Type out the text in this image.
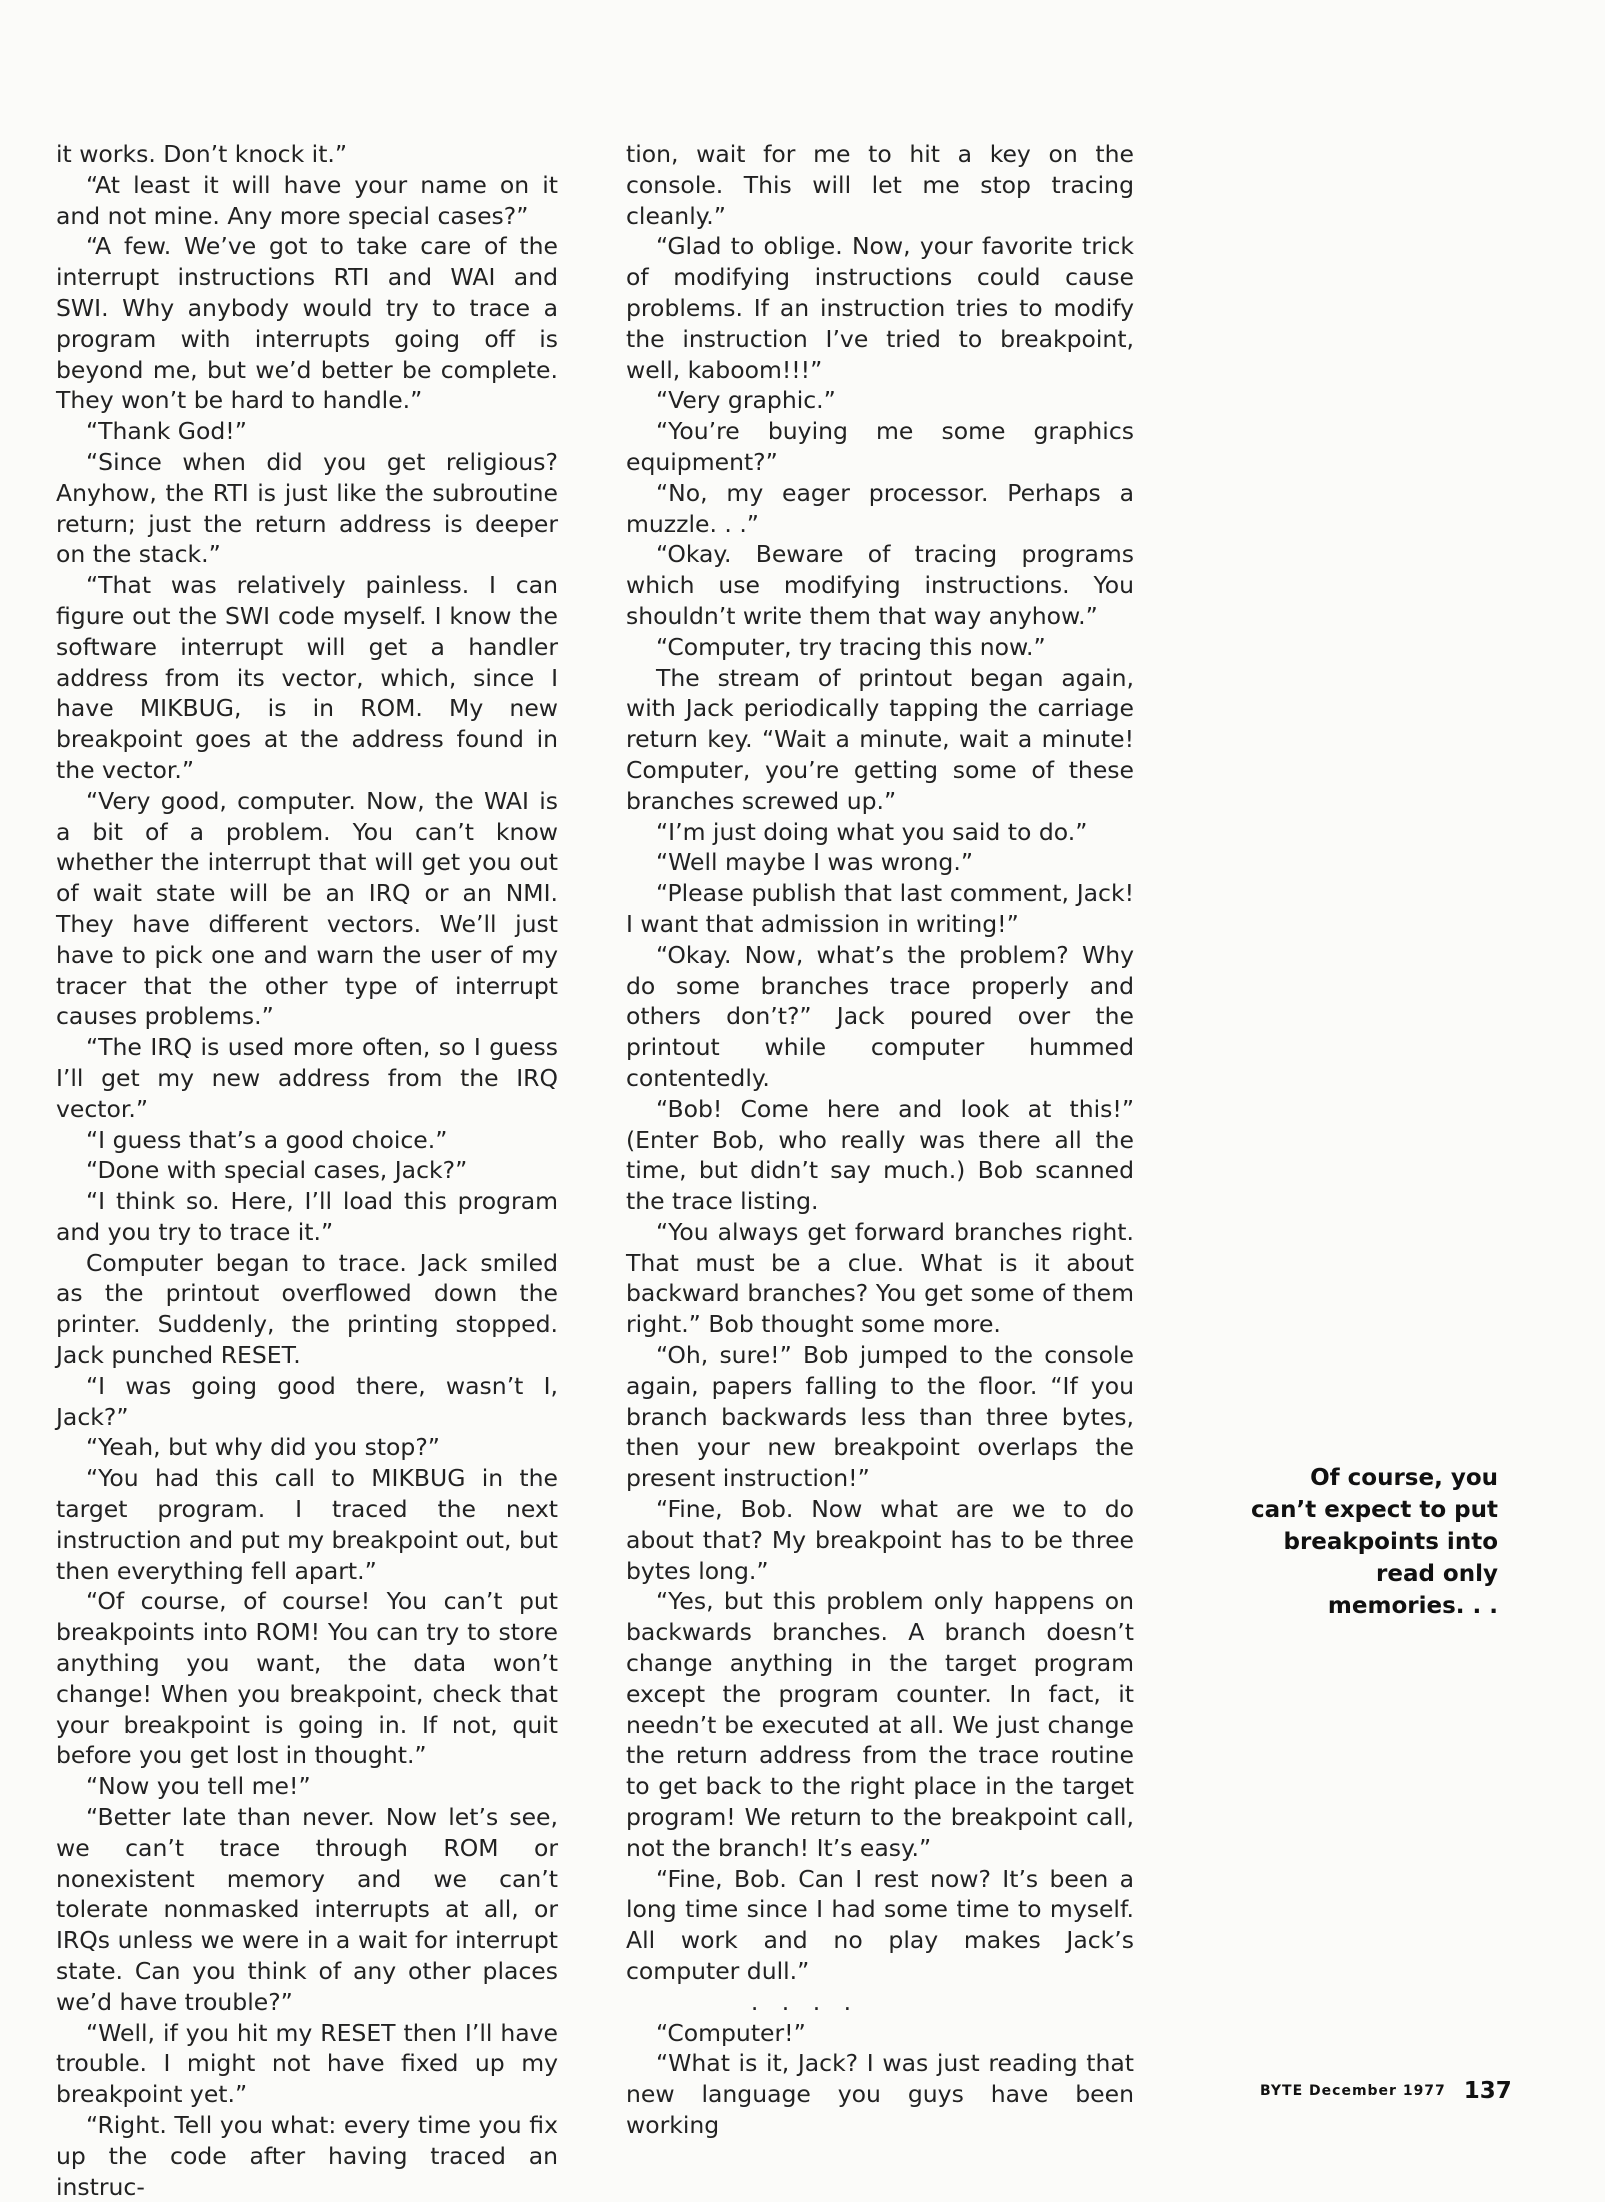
it works. Don’t knock it.”

“At least it will have your name on it and not mine. Any more special cases?”

“A few. We’ve got to take care of the interrupt instructions RTI and WAI and SWI. Why anybody would try to trace a program with interrupts going off is beyond me, but we’d better be complete. They won’t be hard to handle.”

“Thank God!”

“Since when did you get religious? Anyhow, the RTI is just like the subroutine return; just the return address is deeper on the stack.”

“That was relatively painless. I can figure out the SWI code myself. I know the software interrupt will get a handler address from its vector, which, since I have MIKBUG, is in ROM. My new breakpoint goes at the address found in the vector.”

“Very good, computer. Now, the WAI is a bit of a problem. You can’t know whether the interrupt that will get you out of wait state will be an IRQ or an NMI. They have different vectors. We’ll just have to pick one and warn the user of my tracer that the other type of interrupt causes problems.”

“The IRQ is used more often, so I guess I’ll get my new address from the IRQ vector.”

“I guess that’s a good choice.”

“Done with special cases, Jack?”

“I think so. Here, I’ll load this program and you try to trace it.”

Computer began to trace. Jack smiled as the printout overflowed down the printer. Suddenly, the printing stopped. Jack punched RESET.

“I was going good there, wasn’t I, Jack?”

“Yeah, but why did you stop?”

“You had this call to MIKBUG in the target program. I traced the next instruction and put my breakpoint out, but then everything fell apart.”

“Of course, of course! You can’t put breakpoints into ROM! You can try to store anything you want, the data won’t change! When you breakpoint, check that your breakpoint is going in. If not, quit before you get lost in thought.”

“Now you tell me!”

“Better late than never. Now let’s see, we can’t trace through ROM or nonexistent memory and we can’t tolerate nonmasked interrupts at all, or IRQs unless we were in a wait for interrupt state. Can you think of any other places we’d have trouble?”

“Well, if you hit my RESET then I’ll have trouble. I might not have fixed up my breakpoint yet.”

“Right. Tell you what: every time you fix up the code after having traced an instruc-

tion, wait for me to hit a key on the console. This will let me stop tracing cleanly.”

“Glad to oblige. Now, your favorite trick of modifying instructions could cause problems. If an instruction tries to modify the instruction I’ve tried to breakpoint, well, kaboom!!!”

“Very graphic.”

“You’re buying me some graphics equipment?”

“No, my eager processor. Perhaps a muzzle. . .”

“Okay. Beware of tracing programs which use modifying instructions. You shouldn’t write them that way anyhow.”

“Computer, try tracing this now.”

The stream of printout began again, with Jack periodically tapping the carriage return key. “Wait a minute, wait a minute! Computer, you’re getting some of these branches screwed up.”

“I’m just doing what you said to do.”

“Well maybe I was wrong.”

“Please publish that last comment, Jack! I want that admission in writing!”

“Okay. Now, what’s the problem? Why do some branches trace properly and others don’t?” Jack poured over the printout while computer hummed contentedly.

“Bob! Come here and look at this!” (Enter Bob, who really was there all the time, but didn’t say much.) Bob scanned the trace listing.

“You always get forward branches right. That must be a clue. What is it about backward branches? You get some of them right.” Bob thought some more.

“Oh, sure!” Bob jumped to the console again, papers falling to the floor. “If you branch backwards less than three bytes, then your new breakpoint overlaps the present instruction!”

“Fine, Bob. Now what are we to do about that? My breakpoint has to be three bytes long.”

“Yes, but this problem only happens on backwards branches. A branch doesn’t change anything in the target program except the program counter. In fact, it needn’t be executed at all. We just change the return address from the trace routine to get back to the right place in the target program! We return to the breakpoint call, not the branch! It’s easy.”

“Fine, Bob. Can I rest now? It’s been a long time since I had some time to myself. All work and no play makes Jack’s computer dull.”

. . . .

“Computer!”

“What is it, Jack? I was just reading that new language you guys have been working

Of course, you can’t expect to put breakpoints into read only memories. . .
BYTE December 1977 137
